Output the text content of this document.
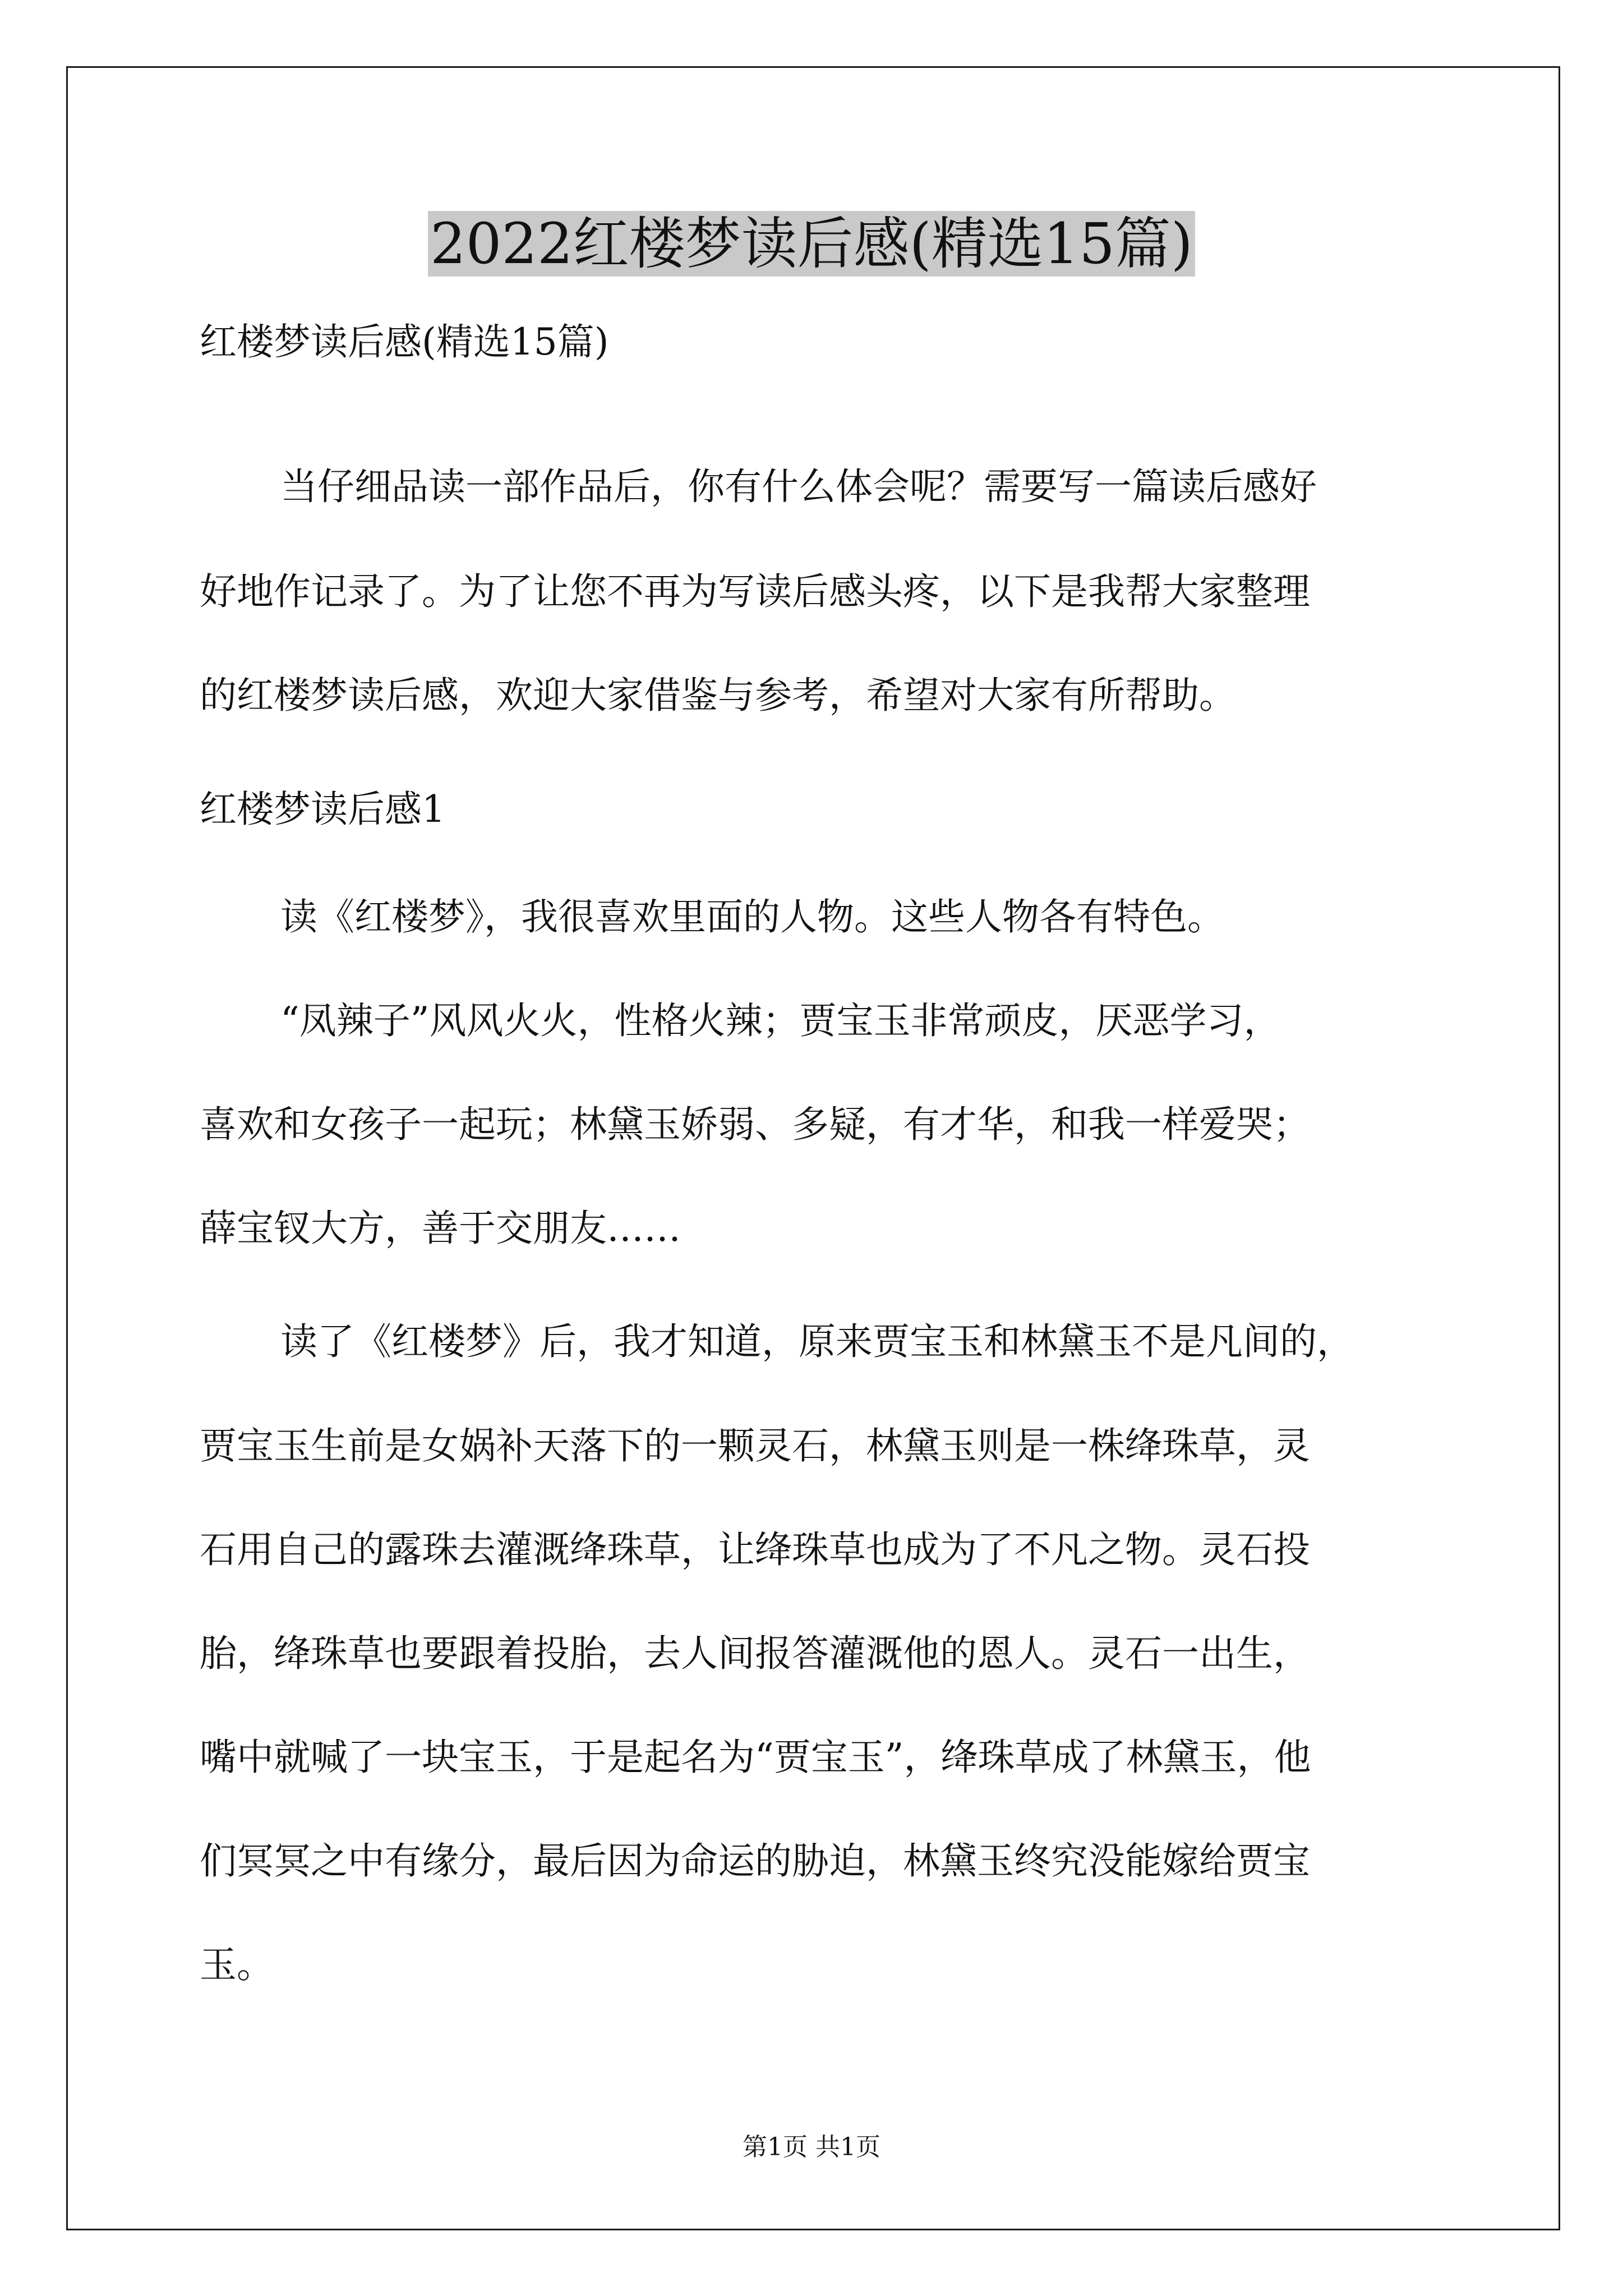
2022红楼梦读后感(精选15篇)
红楼梦读后感(精选15篇)
当仔细品读一部作品后，你有什么体会呢？需要写一篇读后感好
好地作记录了。为了让您不再为写读后感头疼，以下是我帮大家整理
的红楼梦读后感，欢迎大家借鉴与参考，希望对大家有所帮助。
红楼梦读后感1
读《红楼梦》，我很喜欢里面的人物。这些人物各有特色。
“凤辣子”风风火火，性格火辣；贾宝玉非常顽皮，厌恶学习，
喜欢和女孩子一起玩；林黛玉娇弱、多疑，有才华，和我一样爱哭；
薛宝钗大方，善于交朋友……
读了《红楼梦》后，我才知道，原来贾宝玉和林黛玉不是凡间的，
贾宝玉生前是女娲补天落下的一颗灵石，林黛玉则是一株绛珠草，灵
石用自己的露珠去灌溉绛珠草，让绛珠草也成为了不凡之物。灵石投
胎，绛珠草也要跟着投胎，去人间报答灌溉他的恩人。灵石一出生，
嘴中就喊了一块宝玉，于是起名为“贾宝玉”，绛珠草成了林黛玉，他
们冥冥之中有缘分，最后因为命运的胁迫，林黛玉终究没能嫁给贾宝
玉。
第1页 共1页
